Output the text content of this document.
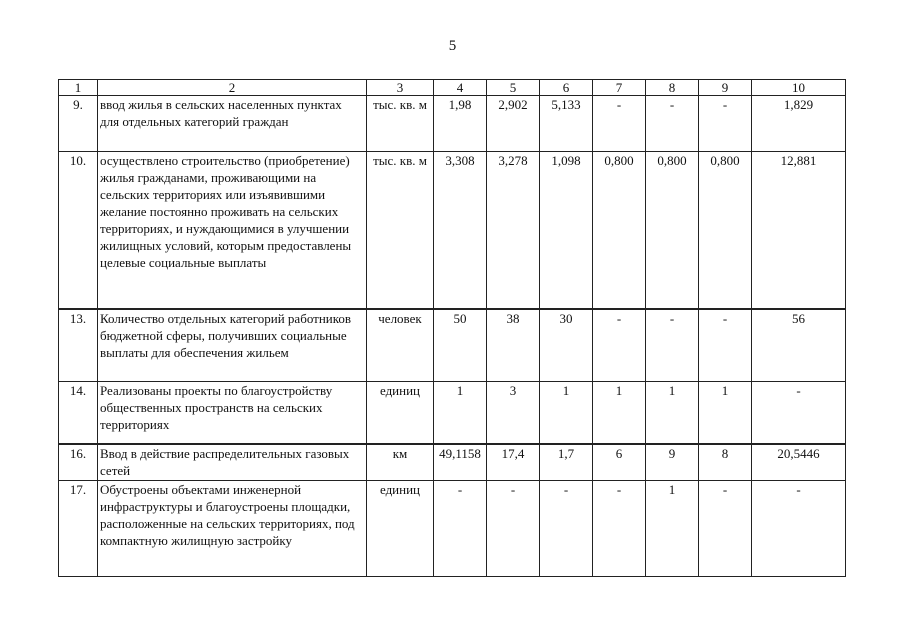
5
1	2	3	4	5	6	7	8	9	10
9.	ввод жилья в сельских населенных пунктах для отдельных категорий граждан	тыс. кв. м	1,98	2,902	5,133	-	-	-	1,829
10.	осуществлено строительство (приобретение) жилья гражданами, проживающими на сельских территориях или изъявившими желание постоянно проживать на сельских территориях, и нуждающимися в улучшении жилищных условий, которым предоставлены целевые социальные выплаты	тыс. кв. м	3,308	3,278	1,098	0,800	0,800	0,800	12,881
13.	Количество отдельных категорий работников бюджетной сферы, получивших социальные выплаты для обеспечения жильем	человек	50	38	30	-	-	-	56
14.	Реализованы проекты по благоустройству общественных пространств на сельских территориях	единиц	1	3	1	1	1	1	-
16.	Ввод в действие распределительных газовых сетей	км	49,1158	17,4	1,7	6	9	8	20,5446
17.	Обустроены объектами инженерной инфраструктуры и благоустроены площадки, расположенные на сельских территориях, под компактную жилищную застройку	единиц	-	-	-	-	1	-	-
